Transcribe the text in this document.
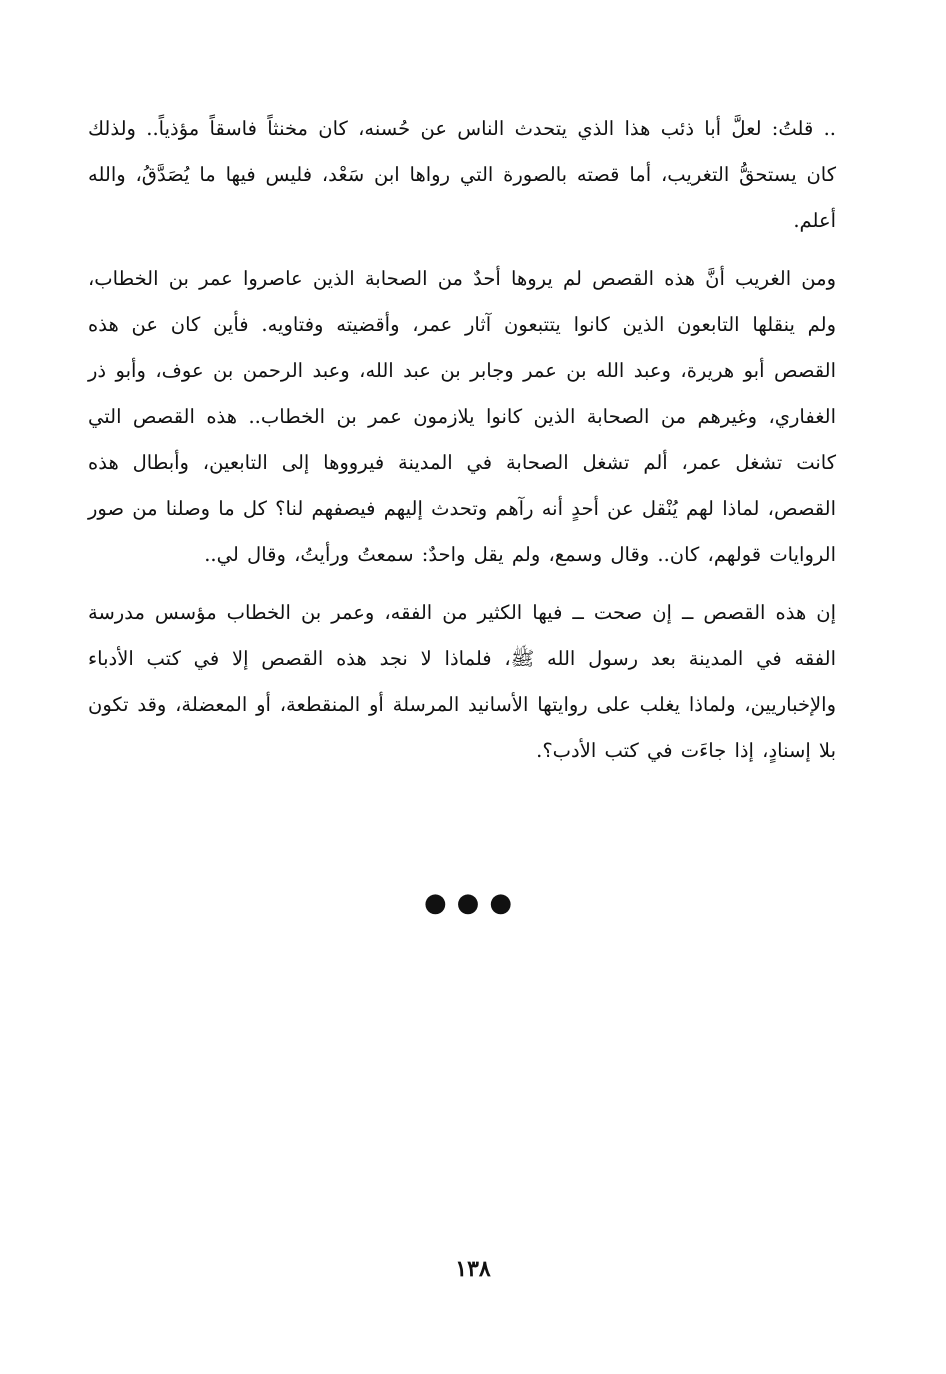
.. قلتُ: لعلَّ أبا ذئب هذا الذي يتحدث الناس عن حُسنه، كان مخنثاً فاسقاً مؤذياً.. ولذلك كان يستحقُّ التغريب، أما قصته بالصورة التي رواها ابن سَعْد، فليس فيها ما يُصَدَّقُ، والله أعلم.

ومن الغريب أنَّ هذه القصص لم يروها أحدٌ من الصحابة الذين عاصروا عمر بن الخطاب، ولم ينقلها التابعون الذين كانوا يتتبعون آثار عمر، وأقضيته وفتاويه. فأين كان عن هذه القصص أبو هريرة، وعبد الله بن عمر وجابر بن عبد الله، وعبد الرحمن بن عوف، وأبو ذر الغفاري، وغيرهم من الصحابة الذين كانوا يلازمون عمر بن الخطاب.. هذه القصص التي كانت تشغل عمر، ألم تشغل الصحابة في المدينة فيرووها إلى التابعين، وأبطال هذه القصص، لماذا لهم يُنْقل عن أحدٍ أنه رآهم وتحدث إليهم فيصفهم لنا؟ كل ما وصلنا من صور الروايات قولهم، كان.. وقال وسمع، ولم يقل واحدٌ: سمعتُ ورأيتُ، وقال لي..

إن هذه القصص ــ إن صحت ــ فيها الكثير من الفقه، وعمر بن الخطاب مؤسس مدرسة الفقه في المدينة بعد رسول الله ﷺ، فلماذا لا نجد هذه القصص إلا في كتب الأدباء والإخباريين، ولماذا يغلب على روايتها الأسانيد المرسلة أو المنقطعة، أو المعضلة، وقد تكون بلا إسنادٍ، إذا جاءَت في كتب الأدب؟.

●●●
١٣٨
